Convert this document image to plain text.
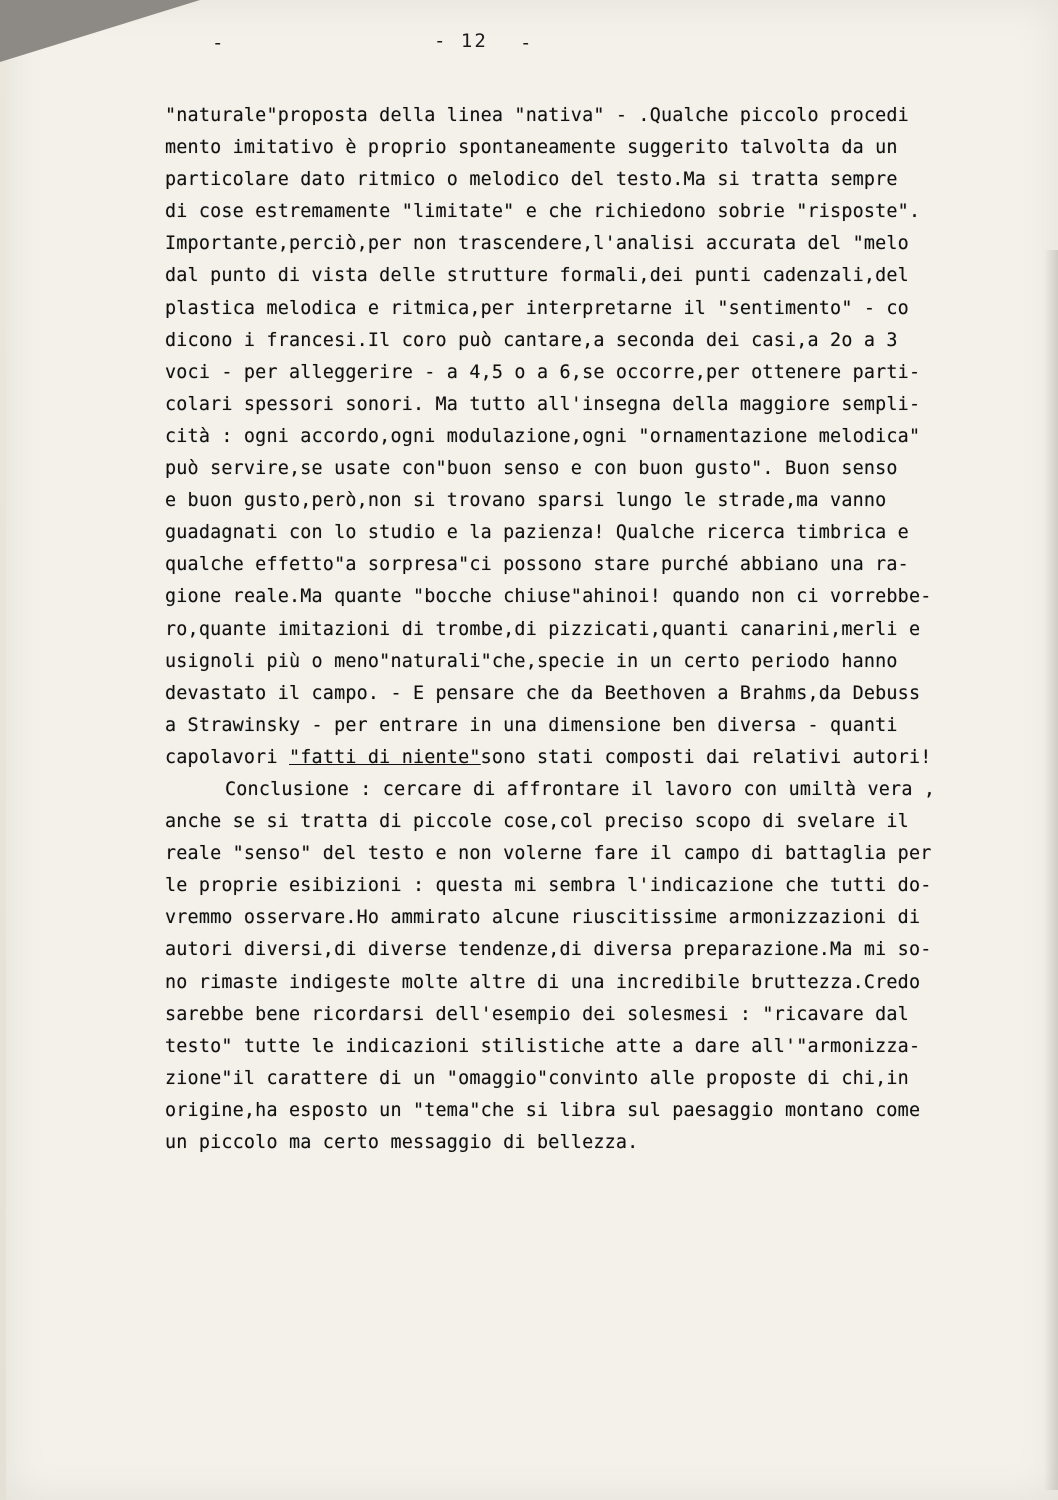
-	- 12 -
"naturale"proposta della linea "nativa" - .Qualche piccolo procedi
mento imitativo è proprio spontaneamente suggerito talvolta da un
particolare dato ritmico o melodico del testo.Ma si tratta sempre
di cose estremamente "limitate" e che richiedono sobrie "risposte".
Importante,perciò,per non trascendere,l'analisi accurata del "melo
dal punto di vista delle strutture formali,dei punti cadenzali,del
plastica melodica e ritmica,per interpretarne il "sentimento" - co
dicono i francesi.Il coro può cantare,a seconda dei casi,a 2o a 3
voci - per alleggerire - a 4,5 o a 6,se occorre,per ottenere parti-
colari spessori sonori. Ma tutto all'insegna della maggiore sempli-
cità : ogni accordo,ogni modulazione,ogni "ornamentazione melodica"
può servire,se usate con"buon senso e con buon gusto". Buon senso
e buon gusto,però,non si trovano sparsi lungo le strade,ma vanno
guadagnati con lo studio e la pazienza! Qualche ricerca timbrica e
qualche effetto"a sorpresa"ci possono stare purché abbiano una ra-
gione reale.Ma quante "bocche chiuse"ahinoi! quando non ci vorrebbe-
ro,quante imitazioni di trombe,di pizzicati,quanti canarini,merli e
usignoli più o meno"naturali"che,specie in un certo periodo hanno
devastato il campo. - E pensare che da Beethoven a Brahms,da Debuss
a Strawinsky - per entrare in una dimensione ben diversa - quanti
capolavori "fatti di niente"sono stati composti dai relativi autori!
Conclusione : cercare di affrontare il lavoro con umiltà vera ,
anche se si tratta di piccole cose,col preciso scopo di svelare il
reale "senso" del testo e non volerne fare il campo di battaglia per
le proprie esibizioni : questa mi sembra l'indicazione che tutti do-
vremmo osservare.Ho ammirato alcune riuscitissime armonizzazioni di
autori diversi,di diverse tendenze,di diversa preparazione.Ma mi so-
no rimaste indigeste molte altre di una incredibile bruttezza.Credo
sarebbe bene ricordarsi dell'esempio dei solesmesi : "ricavare dal
testo" tutte le indicazioni stilistiche atte a dare all'"armonizza-
zione"il carattere di un "omaggio"convinto alle proposte di chi,in
origine,ha esposto un "tema"che si libra sul paesaggio montano come
un piccolo ma certo messaggio di bellezza.
